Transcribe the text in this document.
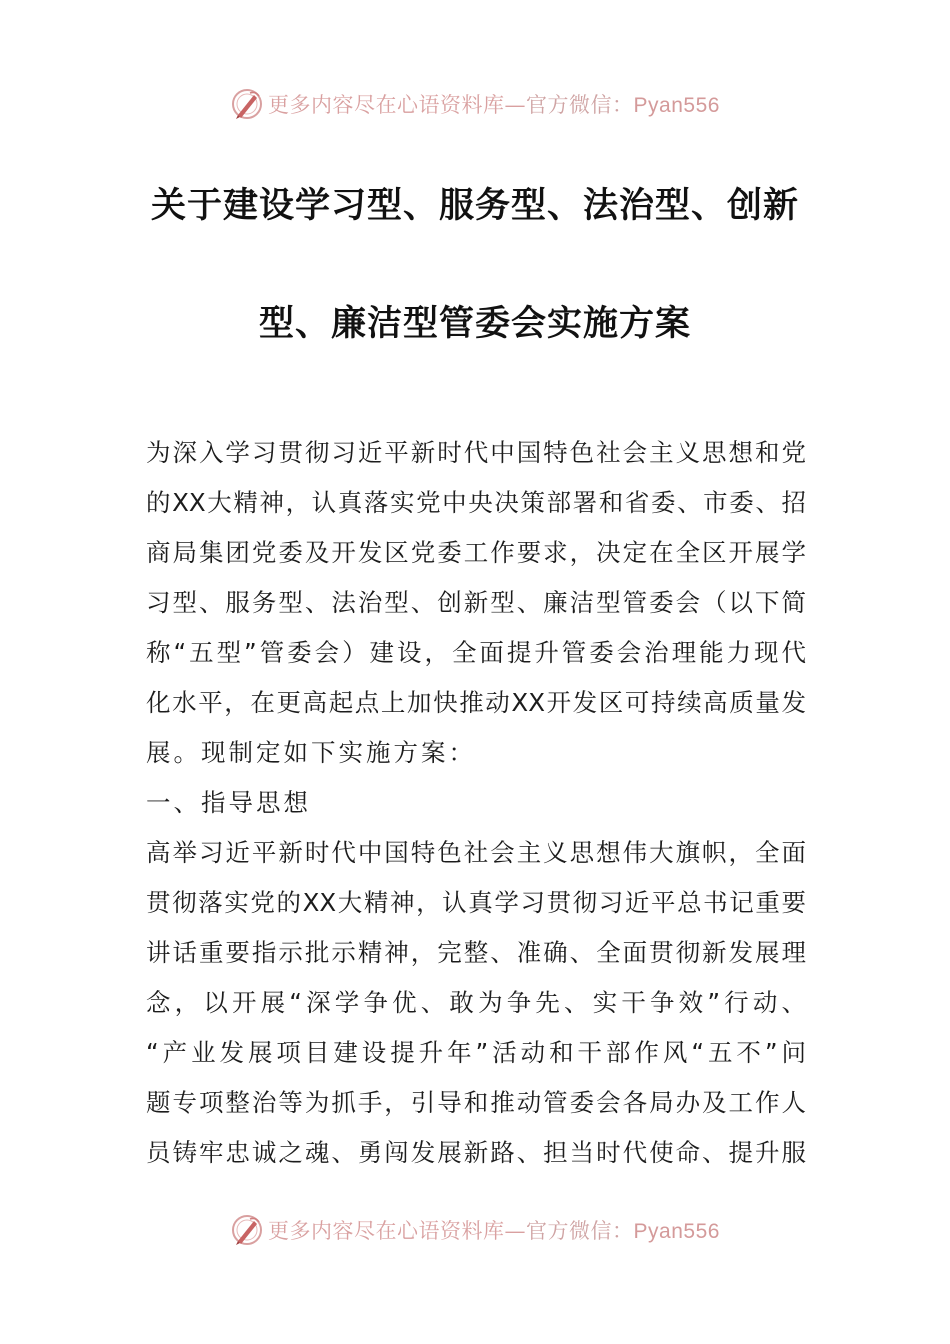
更多内容尽在心语资料库—官方微信：Pyan556
关于建设学习型、服务型、法治型、创新
型、廉洁型管委会实施方案
为深入学习贯彻习近平新时代中国特色社会主义思想和党
的XX大精神，认真落实党中央决策部署和省委、市委、招
商局集团党委及开发区党委工作要求，决定在全区开展学
习型、服务型、法治型、创新型、廉洁型管委会（以下简
称“五型”管委会）建设，全面提升管委会治理能力现代
化水平，在更高起点上加快推动XX开发区可持续高质量发
展。现制定如下实施方案：
一、指导思想
高举习近平新时代中国特色社会主义思想伟大旗帜，全面
贯彻落实党的XX大精神，认真学习贯彻习近平总书记重要
讲话重要指示批示精神，完整、准确、全面贯彻新发展理
念，以开展“深学争优、敢为争先、实干争效”行动、
“产业发展项目建设提升年”活动和干部作风“五不”问
题专项整治等为抓手，引导和推动管委会各局办及工作人
员铸牢忠诚之魂、勇闯发展新路、担当时代使命、提升服
更多内容尽在心语资料库—官方微信：Pyan556
